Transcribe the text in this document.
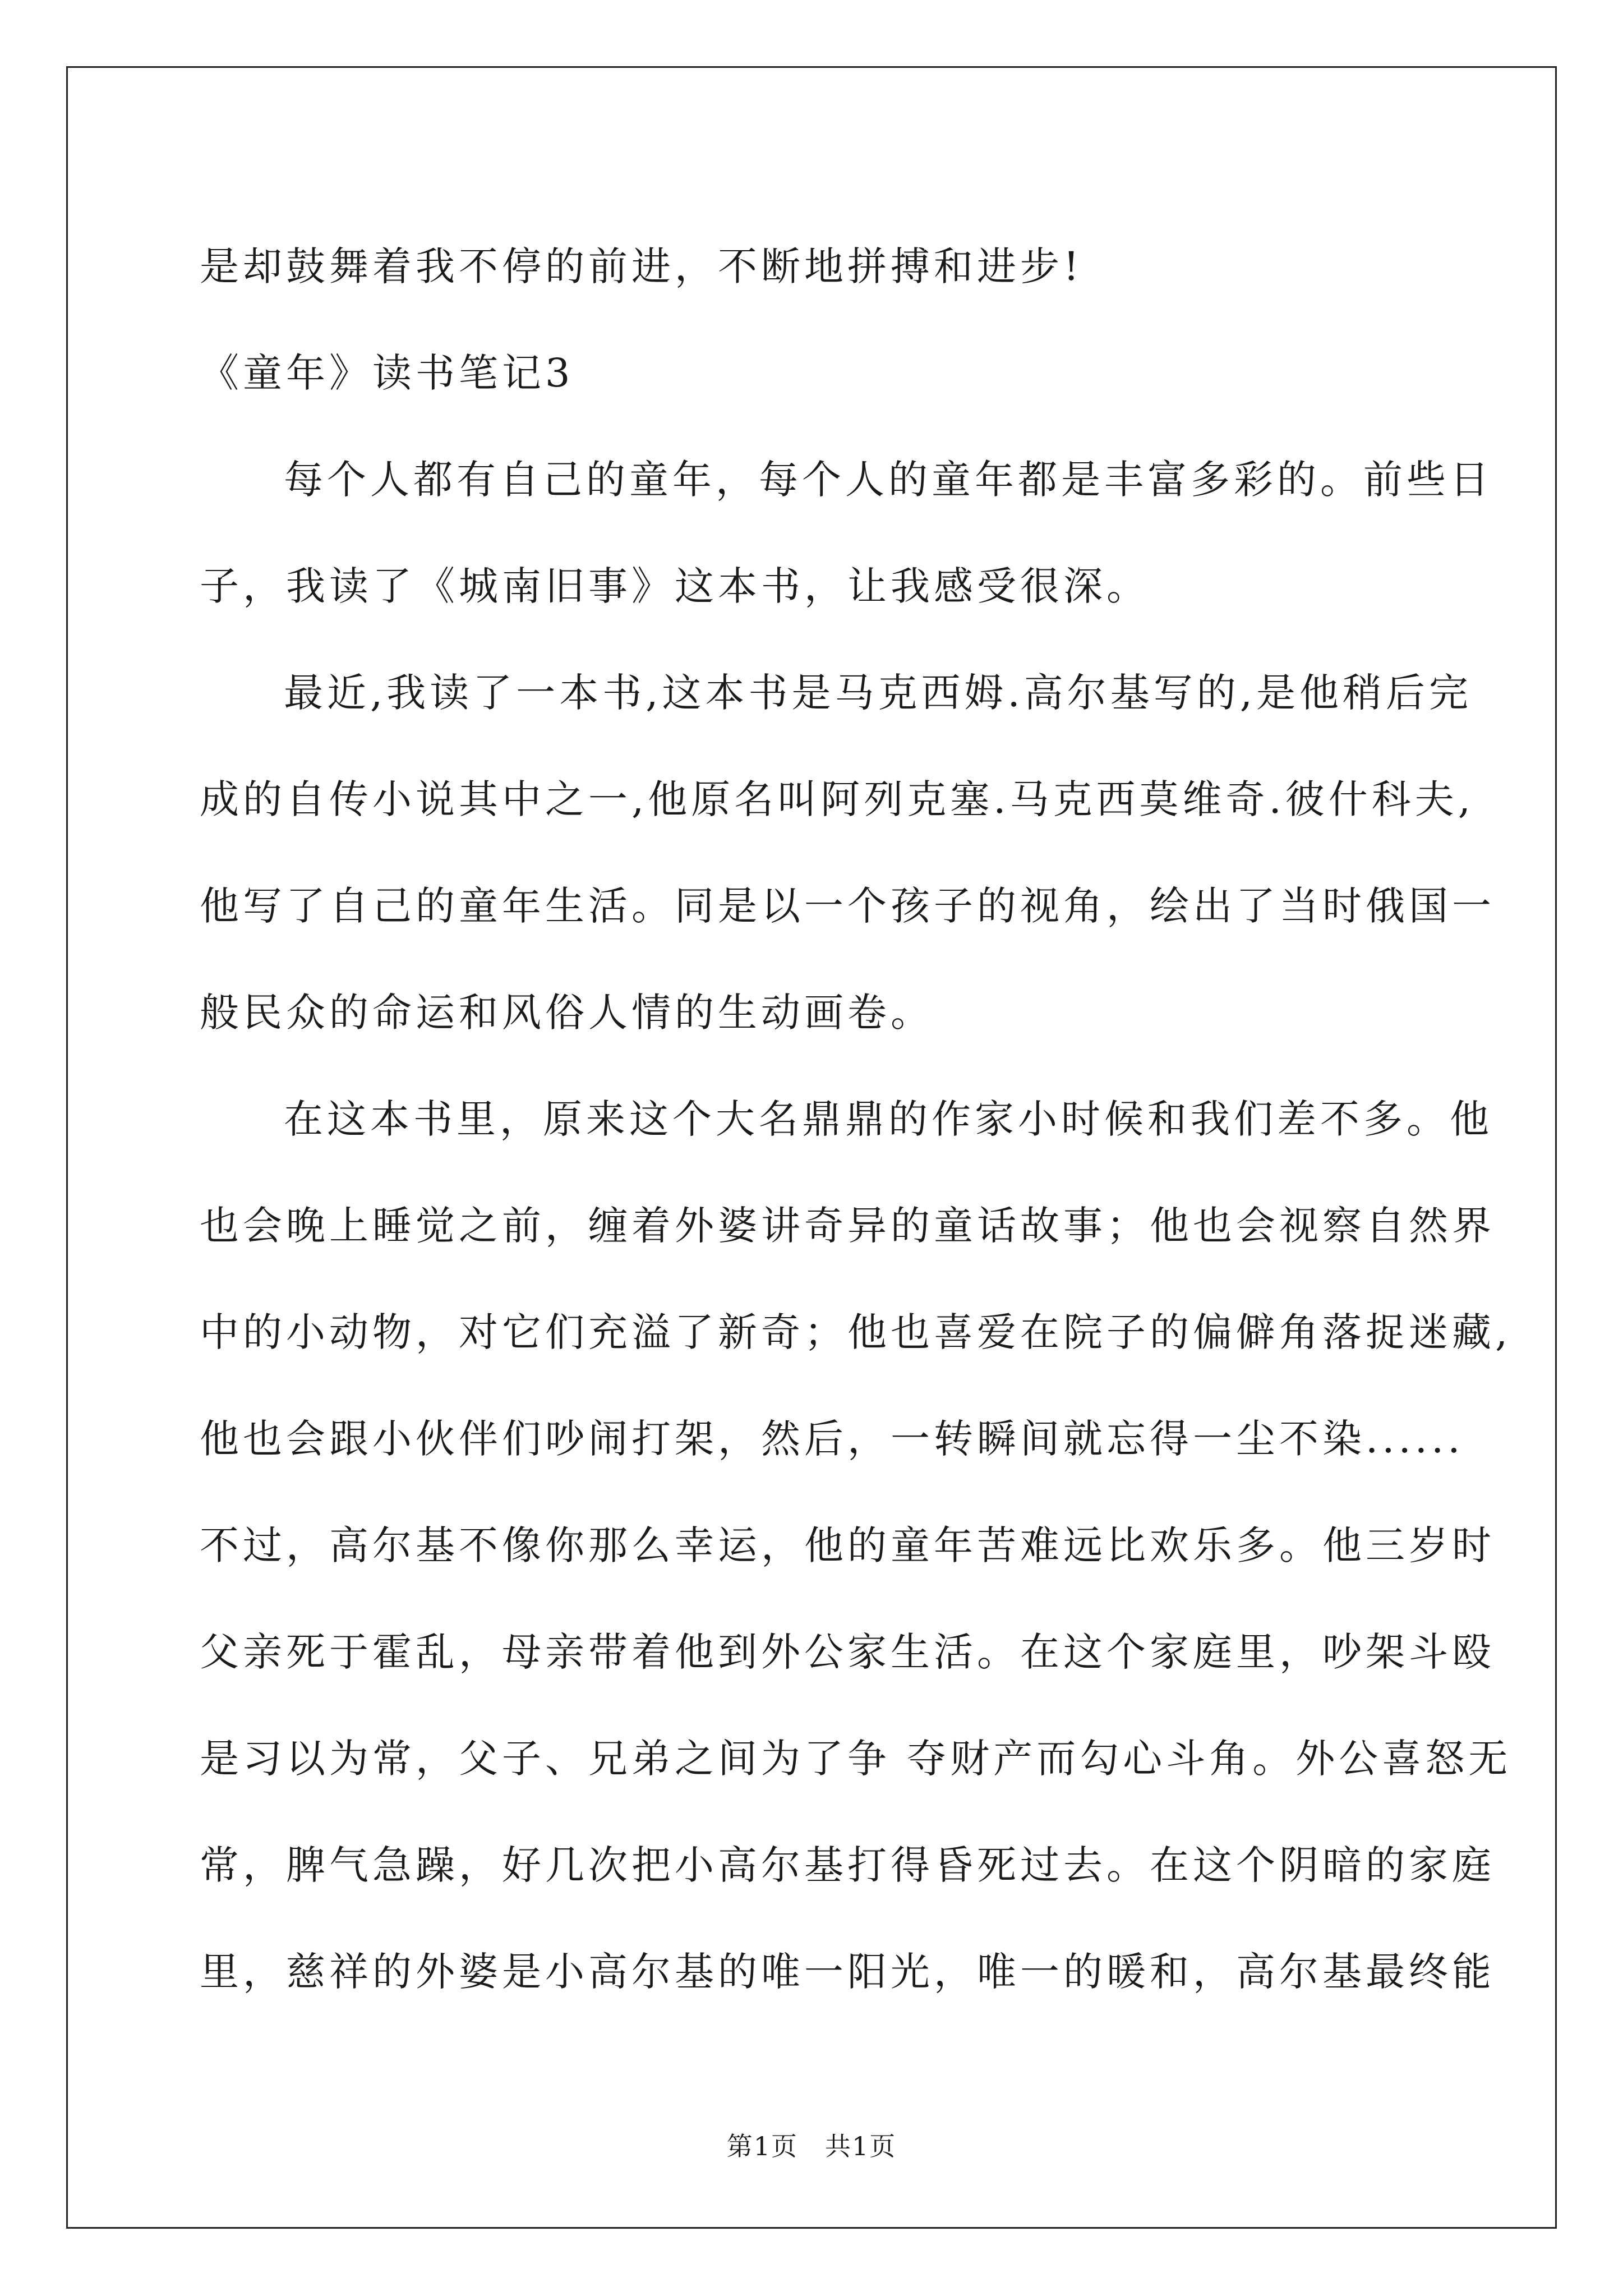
是却鼓舞着我不停的前进，不断地拼搏和进步!
《童年》读书笔记3
每个人都有自己的童年，每个人的童年都是丰富多彩的。前些日
子，我读了《城南旧事》这本书，让我感受很深。
最近,我读了一本书,这本书是马克西姆.高尔基写的,是他稍后完
成的自传小说其中之一,他原名叫阿列克塞.马克西莫维奇.彼什科夫,
他写了自己的童年生活。同是以一个孩子的视角，绘出了当时俄国一
般民众的命运和风俗人情的生动画卷。
在这本书里，原来这个大名鼎鼎的作家小时候和我们差不多。他
也会晚上睡觉之前，缠着外婆讲奇异的童话故事；他也会视察自然界
中的小动物，对它们充溢了新奇；他也喜爱在院子的偏僻角落捉迷藏,
他也会跟小伙伴们吵闹打架，然后，一转瞬间就忘得一尘不染......
不过，高尔基不像你那么幸运，他的童年苦难远比欢乐多。他三岁时
父亲死于霍乱，母亲带着他到外公家生活。在这个家庭里，吵架斗殴
是习以为常，父子、兄弟之间为了争 夺财产而勾心斗角。外公喜怒无
常，脾气急躁，好几次把小高尔基打得昏死过去。在这个阴暗的家庭
里，慈祥的外婆是小高尔基的唯一阳光，唯一的暖和，高尔基最终能
第1页　共1页
